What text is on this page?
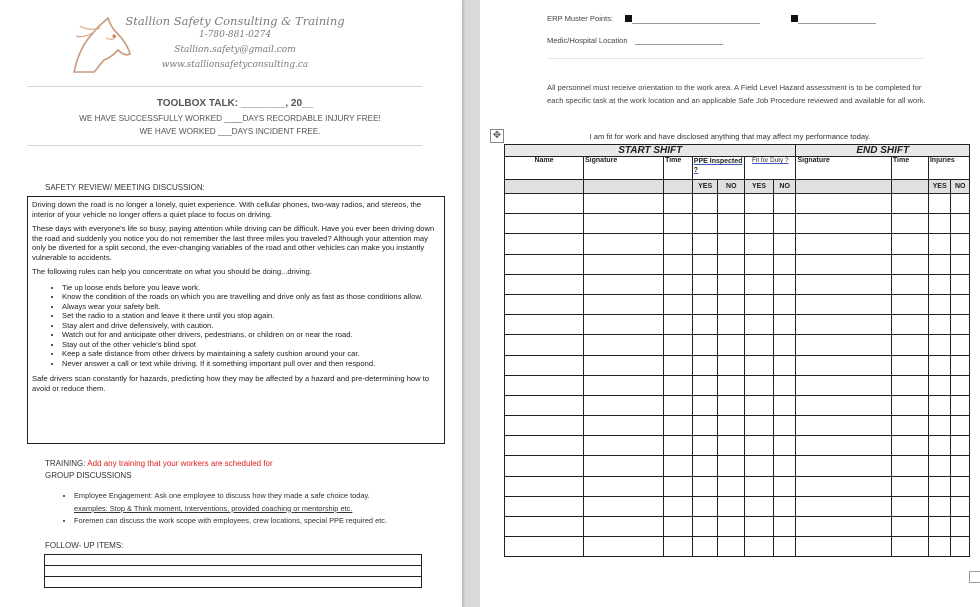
Stallion Safety Consulting & Training
1-780-881-0274
Stallion.safety@gmail.com
www.stallionsafetyconsulting.ca
TOOLBOX TALK: ________, 20__
WE HAVE SUCCESSFULLY WORKED ____DAYS RECORDABLE INJURY FREE!
WE HAVE WORKED ___DAYS INCIDENT FREE.
SAFETY REVIEW/ MEETING DISCUSSION:

Driving down the road is no longer a lonely, quiet experience. With cellular phones, two-way radios, and stereos, the interior of your vehicle no longer offers a quiet place to focus on driving.

These days with everyone's life so busy, paying attention while driving can be difficult. Have you ever been driving down the road and suddenly you notice you do not remember the last three miles you traveled? Although your attention may only be diverted for a split second, the ever-changing variables of the road and other vehicles can make you instantly vulnerable to accidents.

The following rules can help you concentrate on what you should be doing...driving.

• Tie up loose ends before you leave work.
• Know the condition of the roads on which you are travelling and drive only as fast as those conditions allow.
• Always wear your safety belt.
• Set the radio to a station and leave it there until you stop again.
• Stay alert and drive defensively, with caution.
• Watch out for and anticipate other drivers, pedestrians, or children on or near the road.
• Stay out of the other vehicle's blind spot
• Keep a safe distance from other drivers by maintaining a safety cushion around your car.
• Never answer a call or text while driving. If it something important pull over and then respond.

Safe drivers scan constantly for hazards, predicting how they may be affected by a hazard and pre-determining how to avoid or reduce them.

TRAINING: Add any training that your workers are scheduled for
GROUP DISCUSSIONS
• Employee Engagement: Ask one employee to discuss how they made a safe choice today.
examples: Stop & Think moment, Interventions, provided coaching or mentorship etc.
• Foremen can discuss the work scope with employees, crew locations, special PPE required etc.
FOLLOW- UP ITEMS:

ERP Muster Points:
Medic/Hospital Location
All personnel must receive orientation to the work area. A Field Level Hazard assessment is to be completed for each specific task at the work location and an applicable Safe Job Procedure reviewed and available for all work.
I am fit for work and have disclosed anything that may affect my performance today.
✥
START SHIFT							END SHIFT			
Name	Signature	Time	PPE Inspected ?		Fit for Duty ?		Signature	Time	Injuries	
			YES	NO	YES	NO			YES	NO
